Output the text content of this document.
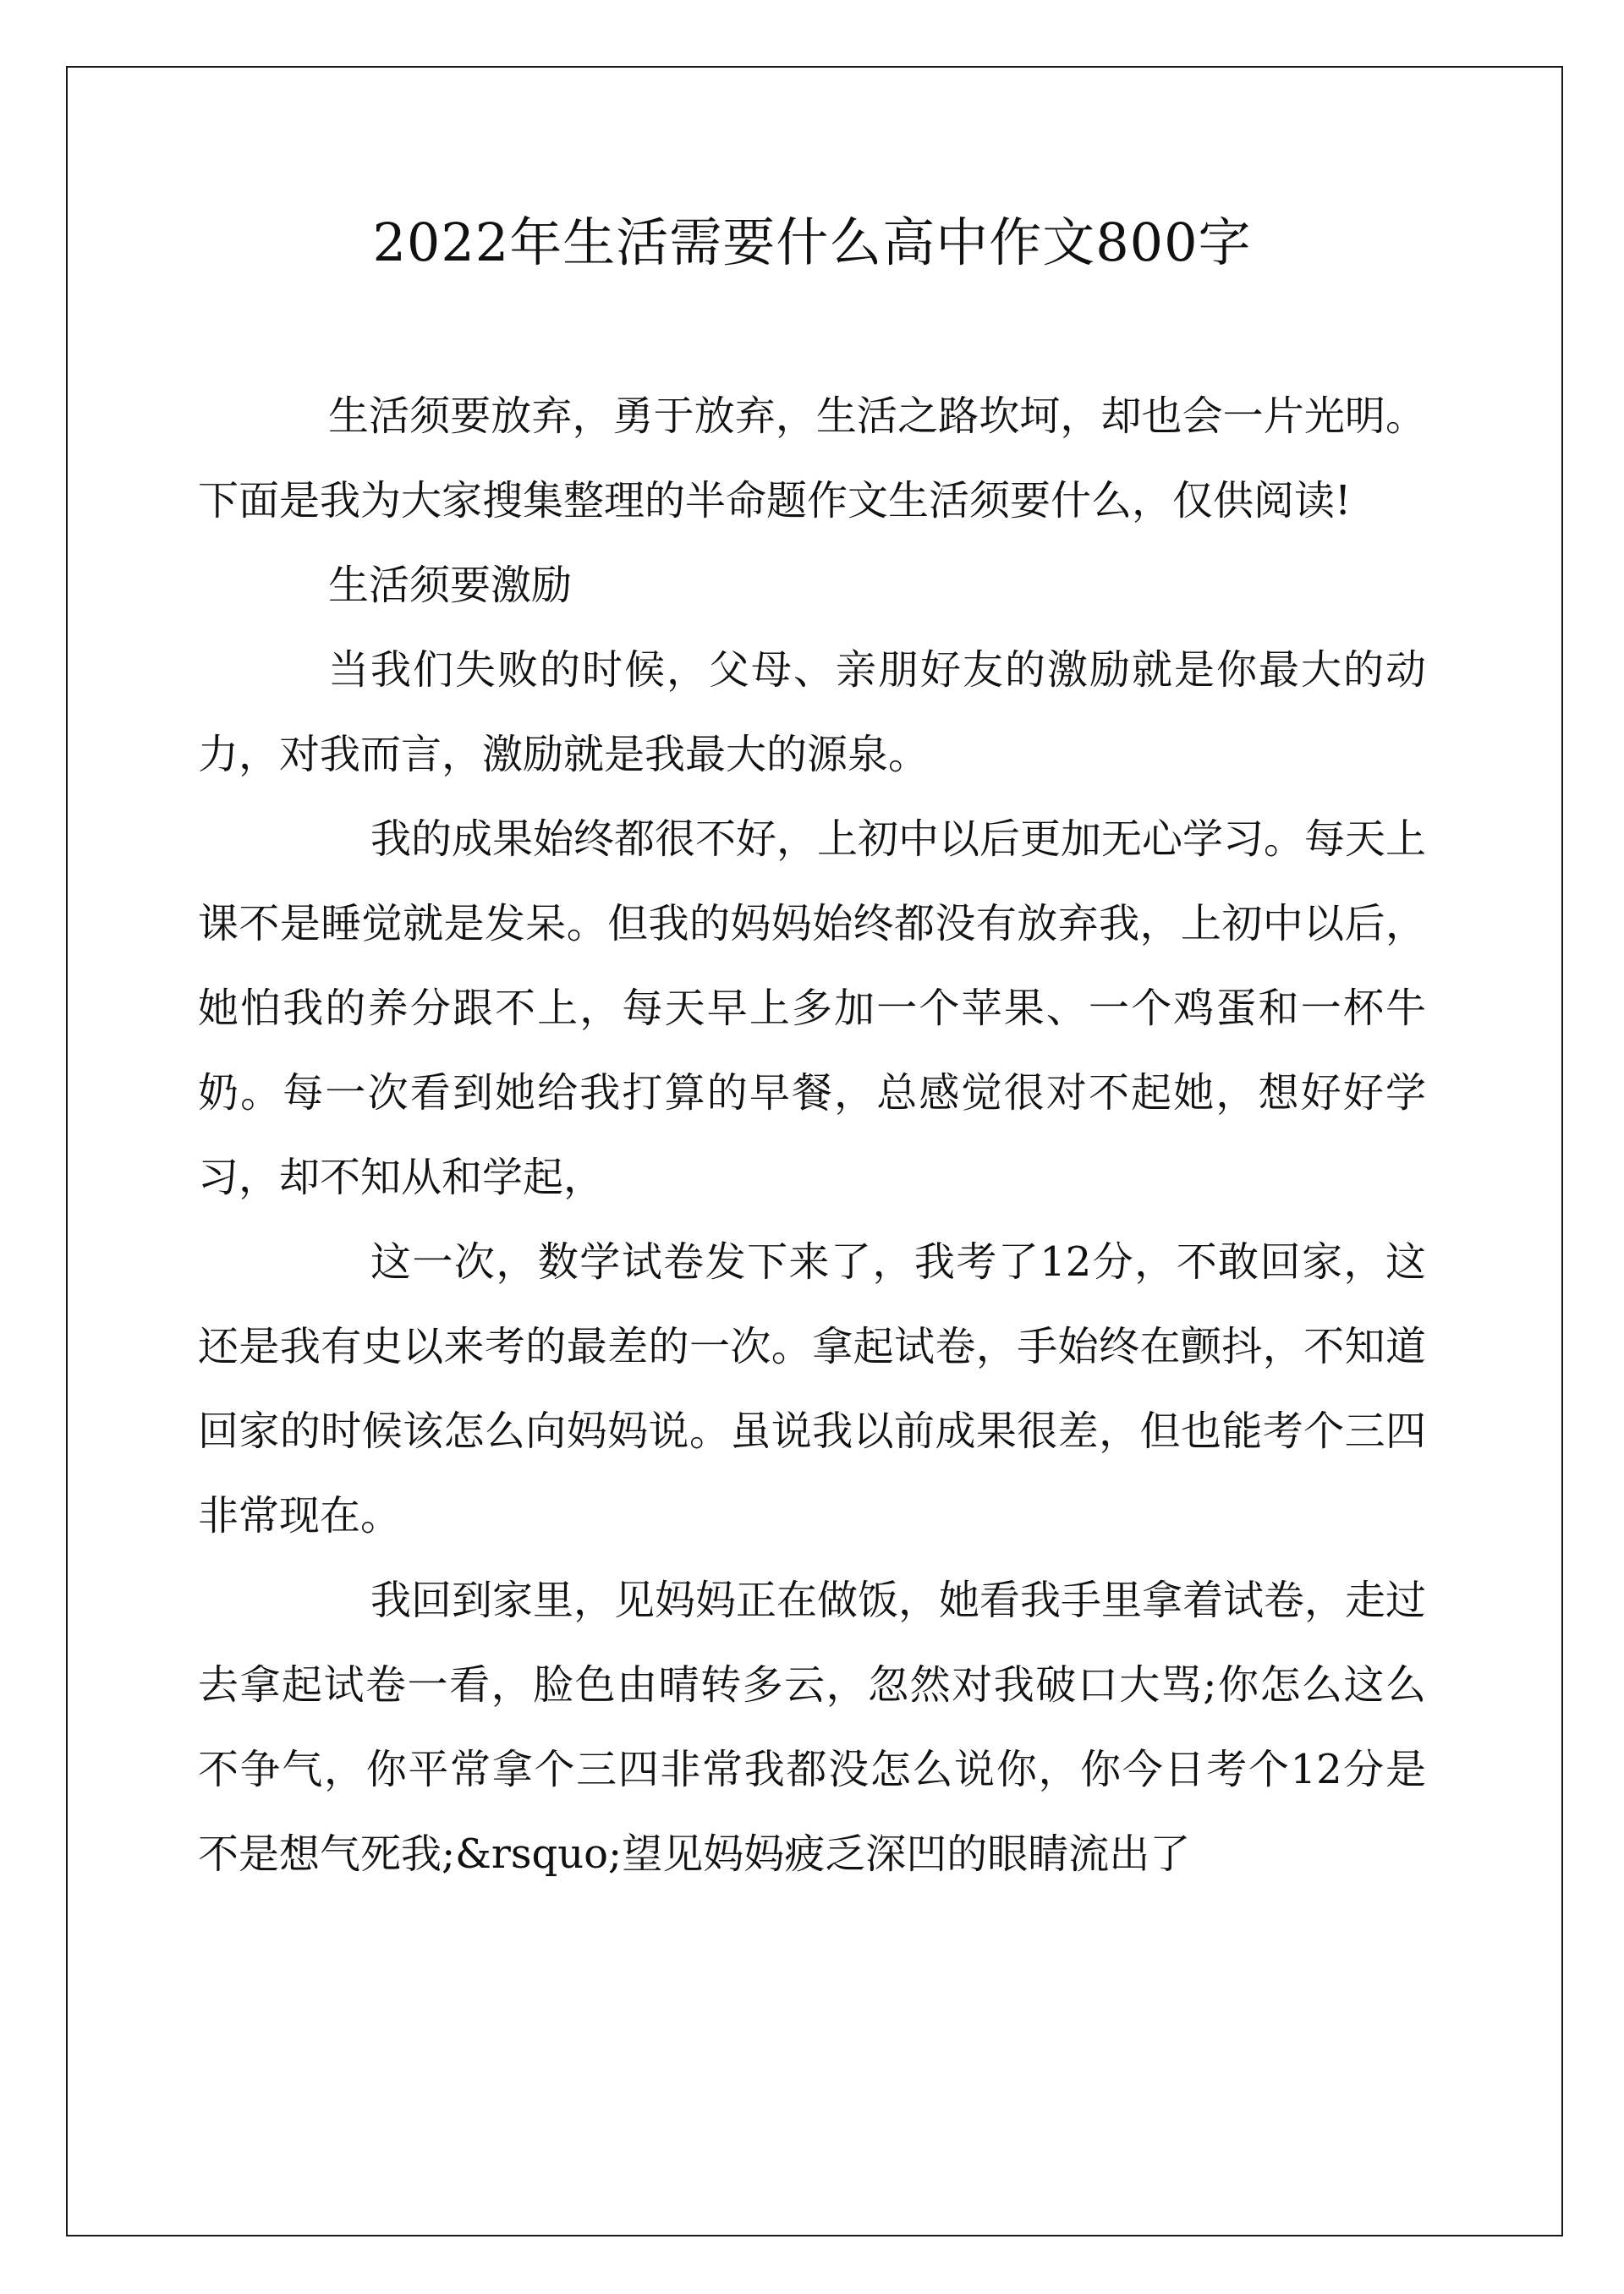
2022年生活需要什么高中作文800字

生活须要放弃，勇于放弃，生活之路坎坷，却也会一片光明。下面是我为大家搜集整理的半命题作文生活须要什么，仅供阅读!

生活须要激励

当我们失败的时候，父母、亲朋好友的激励就是你最大的动力，对我而言，激励就是我最大的源泉。

我的成果始终都很不好，上初中以后更加无心学习。每天上课不是睡觉就是发呆。但我的妈妈始终都没有放弃我，上初中以后，她怕我的养分跟不上，每天早上多加一个苹果、一个鸡蛋和一杯牛奶。每一次看到她给我打算的早餐，总感觉很对不起她，想好好学习，却不知从和学起，

这一次，数学试卷发下来了，我考了12分，不敢回家，这还是我有史以来考的最差的一次。拿起试卷，手始终在颤抖，不知道回家的时候该怎么向妈妈说。虽说我以前成果很差，但也能考个三四非常现在。

我回到家里，见妈妈正在做饭，她看我手里拿着试卷，走过去拿起试卷一看，脸色由晴转多云，忽然对我破口大骂;你怎么这么不争气，你平常拿个三四非常我都没怎么说你，你今日考个12分是不是想气死我;&rsquo;望见妈妈疲乏深凹的眼睛流出了
